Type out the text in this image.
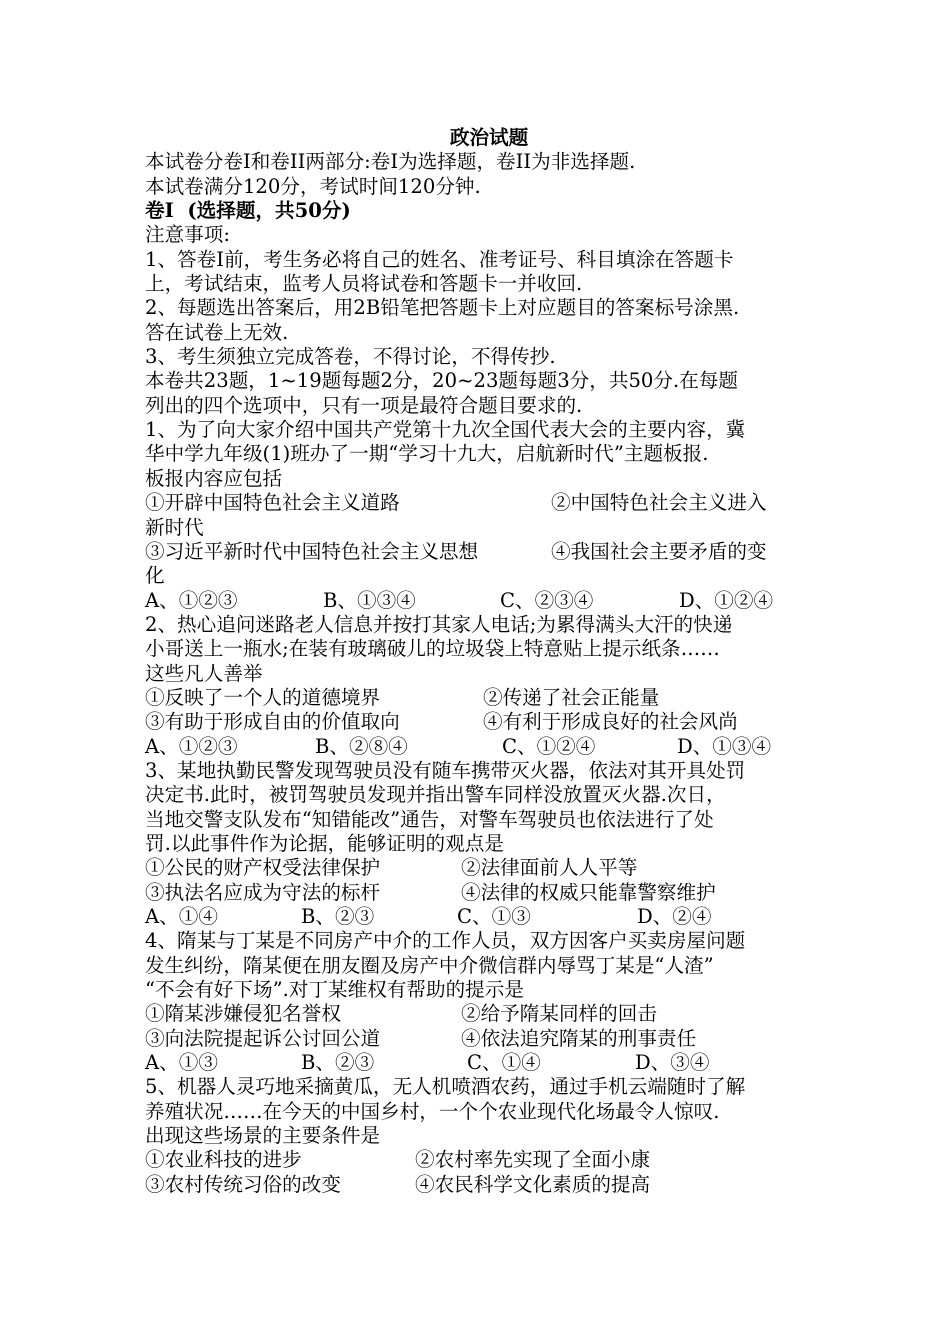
政治试题
本试卷分卷I和卷II两部分:卷I为选择题，卷II为非选择题.
本试卷满分120分，考试时间120分钟.
卷I  (选择题，共50分)
注意事项:
1、答卷I前，考生务必将自己的姓名、准考证号、科目填涂在答题卡
上，考试结束，监考人员将试卷和答题卡一并收回.
2、每题选出答案后，用2B铅笔把答题卡上对应题目的答案标号涂黑.
答在试卷上无效.
3、考生须独立完成答卷，不得讨论，不得传抄.
本卷共23题，1~19题每题2分，20~23题每题3分，共50分.在每题
列出的四个选项中，只有一项是最符合题目要求的.
1、为了向大家介绍中国共产党第十九次全国代表大会的主要内容，冀
华中学九年级(1)班办了一期“学习十九大，启航新时代”主题板报.
板报内容应包括
①开辟中国特色社会主义道路	②中国特色社会主义进入
新时代
③习近平新时代中国特色社会主义思想	④我国社会主要矛盾的变
化
A、①②③	B、①③④	C、②③④	D、①②④
2、热心追问迷路老人信息并按打其家人电话;为累得满头大汗的快递
小哥送上一瓶水;在装有玻璃破儿的垃圾袋上特意贴上提示纸条……
这些凡人善举
①反映了一个人的道德境界	②传递了社会正能量
③有助于形成自由的价值取向	④有利于形成良好的社会风尚
A、①②③	B、②⑧④	C、①②④	D、①③④
3、某地执勤民警发现驾驶员没有随车携带灭火器，依法对其开具处罚
决定书.此时，被罚驾驶员发现并指出警车同样没放置灭火器.次日，
当地交警支队发布“知错能改”通告，对警车驾驶员也依法进行了处
罚.以此事件作为论据，能够证明的观点是
①公民的财产权受法律保护	②法律面前人人平等
③执法名应成为守法的标杆	④法律的权威只能靠警察维护
A、①④	B、②③	C、①③	D、②④
4、隋某与丁某是不同房产中介的工作人员，双方因客户买卖房屋问题
发生纠纷，隋某便在朋友圈及房产中介微信群内辱骂丁某是“人渣”
“不会有好下场”.对丁某维权有帮助的提示是
①隋某涉嫌侵犯名誉权	②给予隋某同样的回击
③向法院提起诉公讨回公道	④依法追究隋某的刑事责任
A、①③	B、②③	C、①④	D、③④
5、机器人灵巧地采摘黄瓜，无人机喷酒农药，通过手机云端随时了解
养殖状况……在今天的中国乡村，一个个农业现代化场最令人惊叹.
出现这些场景的主要条件是
①农业科技的进步	②农村率先实现了全面小康
③农村传统习俗的改变	④农民科学文化素质的提高
